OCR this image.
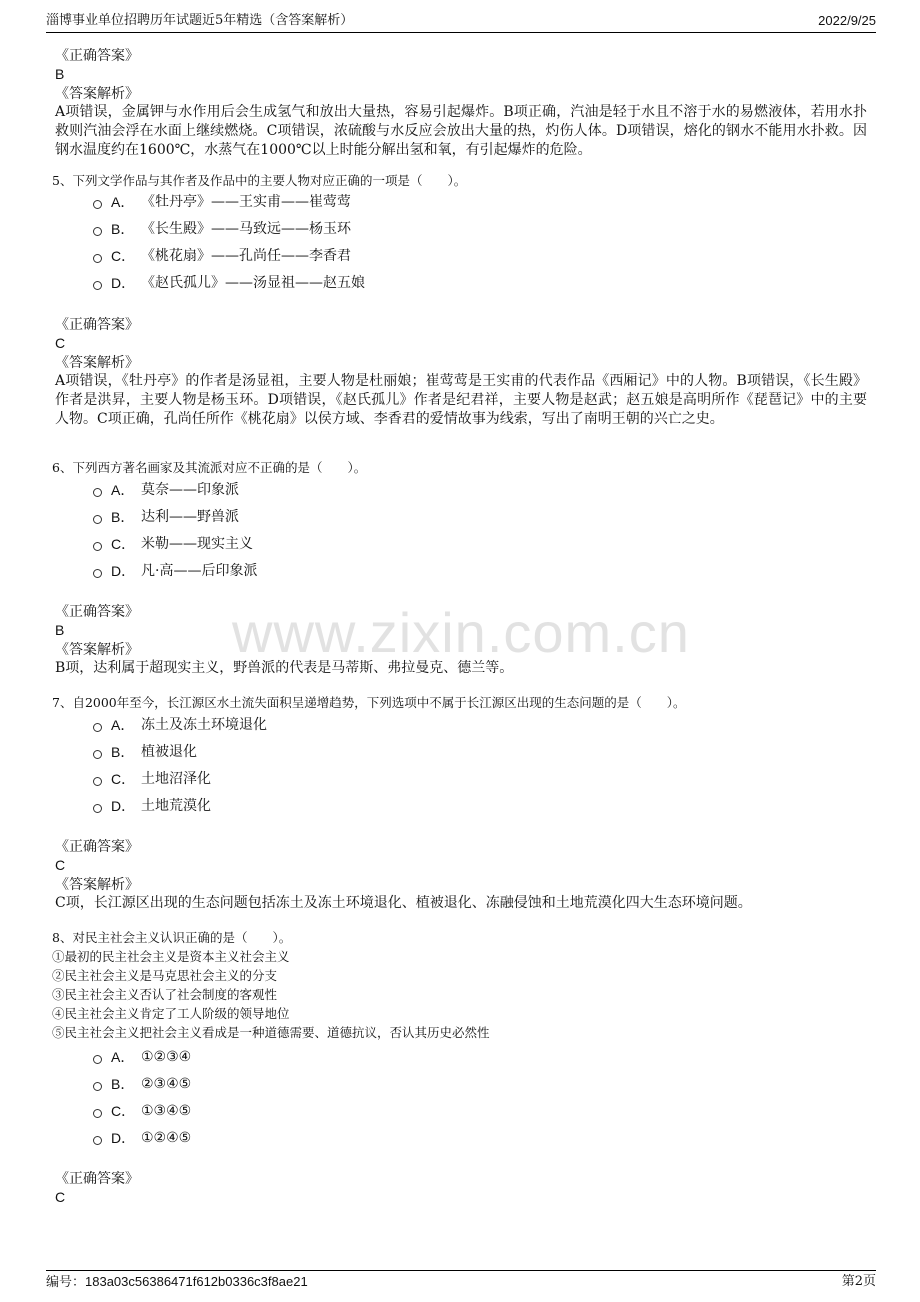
淄博事业单位招聘历年试题近5年精选（含答案解析）	2022/9/25
www.zixin.com.cn
《正确答案》
B
《答案解析》
A项错误，金属钾与水作用后会生成氢气和放出大量热，容易引起爆炸。B项正确，汽油是轻于水且不溶于水的易燃液体，若用水扑救则汽油会浮在水面上继续燃烧。C项错误，浓硫酸与水反应会放出大量的热，灼伤人体。D项错误，熔化的钢水不能用水扑救。因钢水温度约在1600℃，水蒸气在1000℃以上时能分解出氢和氧，有引起爆炸的危险。
5、下列文学作品与其作者及作品中的主要人物对应正确的一项是（　　）。
A． 《牡丹亭》——王实甫——崔莺莺
B． 《长生殿》——马致远——杨玉环
C． 《桃花扇》——孔尚任——李香君
D． 《赵氏孤儿》——汤显祖——赵五娘
《正确答案》
C
《答案解析》
A项错误，《牡丹亭》的作者是汤显祖，主要人物是杜丽娘；崔莺莺是王实甫的代表作品《西厢记》中的人物。B项错误，《长生殿》作者是洪昇，主要人物是杨玉环。D项错误，《赵氏孤儿》作者是纪君祥，主要人物是赵武；赵五娘是高明所作《琵琶记》中的主要人物。C项正确，孔尚任所作《桃花扇》以侯方域、李香君的爱情故事为线索，写出了南明王朝的兴亡之史。
6、下列西方著名画家及其流派对应不正确的是（　　）。
A． 莫奈——印象派
B． 达利——野兽派
C． 米勒——现实主义
D． 凡·高——后印象派
《正确答案》
B
《答案解析》
B项，达利属于超现实主义，野兽派的代表是马蒂斯、弗拉曼克、德兰等。
7、自2000年至今，长江源区水土流失面积呈递增趋势，下列选项中不属于长江源区出现的生态问题的是（　　）。
A． 冻土及冻土环境退化
B． 植被退化
C． 土地沼泽化
D． 土地荒漠化
《正确答案》
C
《答案解析》
C项，长江源区出现的生态问题包括冻土及冻土环境退化、植被退化、冻融侵蚀和土地荒漠化四大生态环境问题。
8、对民主社会主义认识正确的是（　　）。
①最初的民主社会主义是资本主义社会主义
②民主社会主义是马克思社会主义的分支
③民主社会主义否认了社会制度的客观性
④民主社会主义肯定了工人阶级的领导地位
⑤民主社会主义把社会主义看成是一种道德需要、道德抗议，否认其历史必然性
A． ①②③④
B． ②③④⑤
C． ①③④⑤
D． ①②④⑤
《正确答案》
C
编号：183a03c56386471f612b0336c3f8ae21	第2页
